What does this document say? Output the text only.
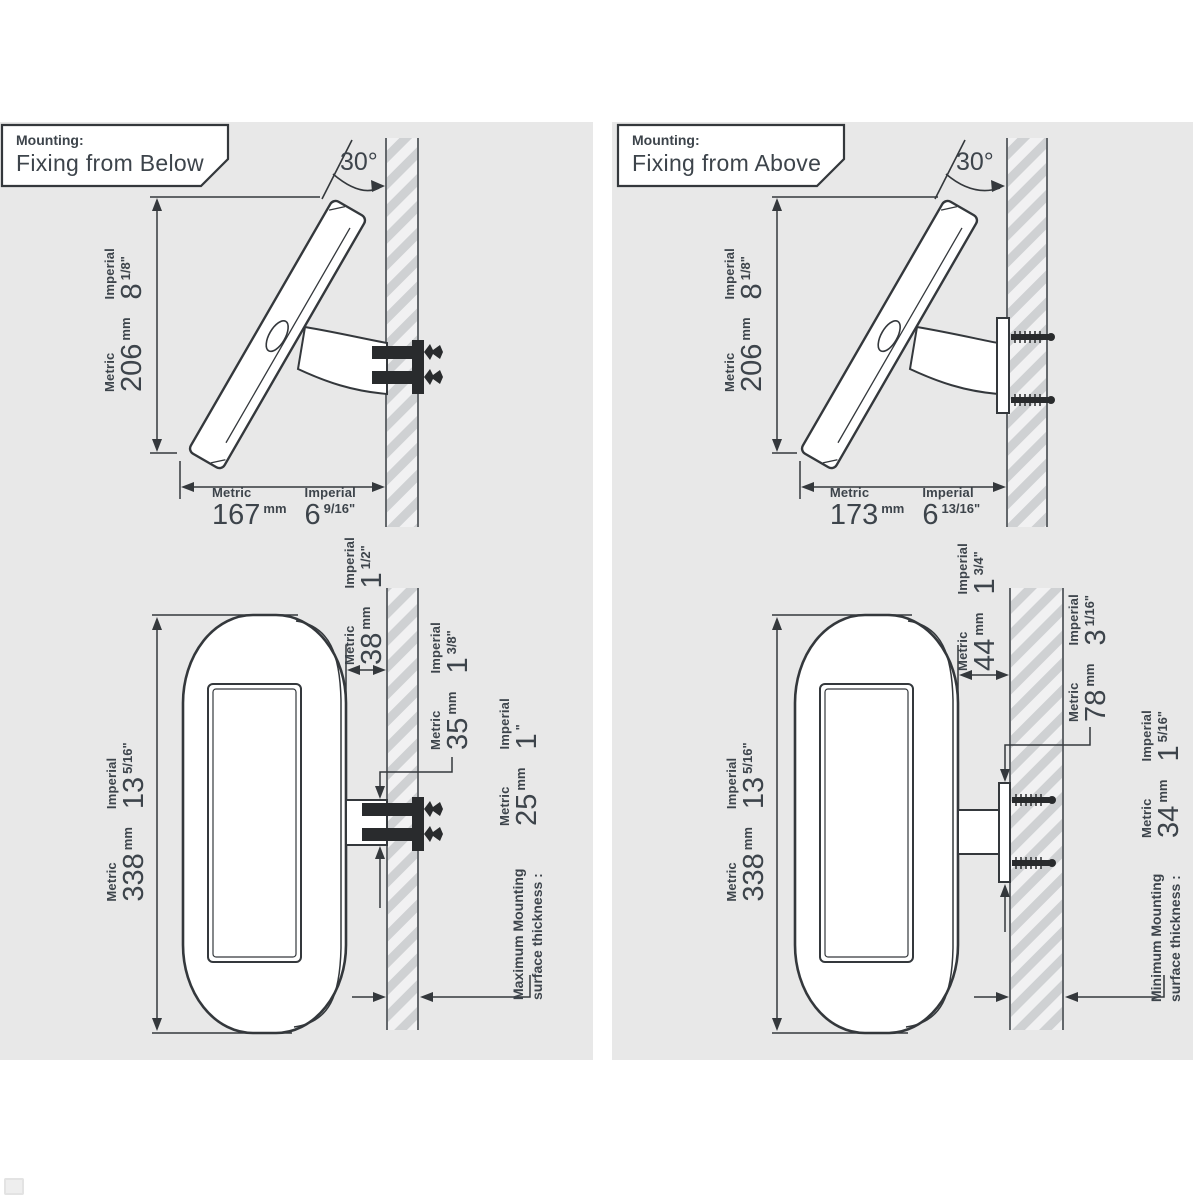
Mounting:
Fixing from Below
Mounting:
Fixing from Above
30°	30°
Metric $206^{mm}$
Imperial $8^{1/8"}$
Metric
167 $^{mm}$
Imperial
6 $^{9/16"}$
Metric $338^{mm}$
Imperial $13^{5/16"}$
Metric $38^{mm}$
Imperial $1^{1/2"}$
Metric $35^{mm}$
Imperial $1^{3/8"}$
Metric $25^{mm}$
Imperial 1"
Maximum Mounting surface thickness :
Metric $206^{mm}$
Imperial $8^{1/8"}$
Metric
173 $^{mm}$
Imperial
6 $^{13/16"}$
Metric $338^{mm}$
Imperial $13^{5/16"}$
Metric $44^{mm}$
Imperial $1^{3/4"}$
Metric $78^{mm}$
Imperial $3^{1/16"}$
Metric $34^{mm}$
Imperial $1^{5/16"}$
Minimum Mounting surface thickness :
